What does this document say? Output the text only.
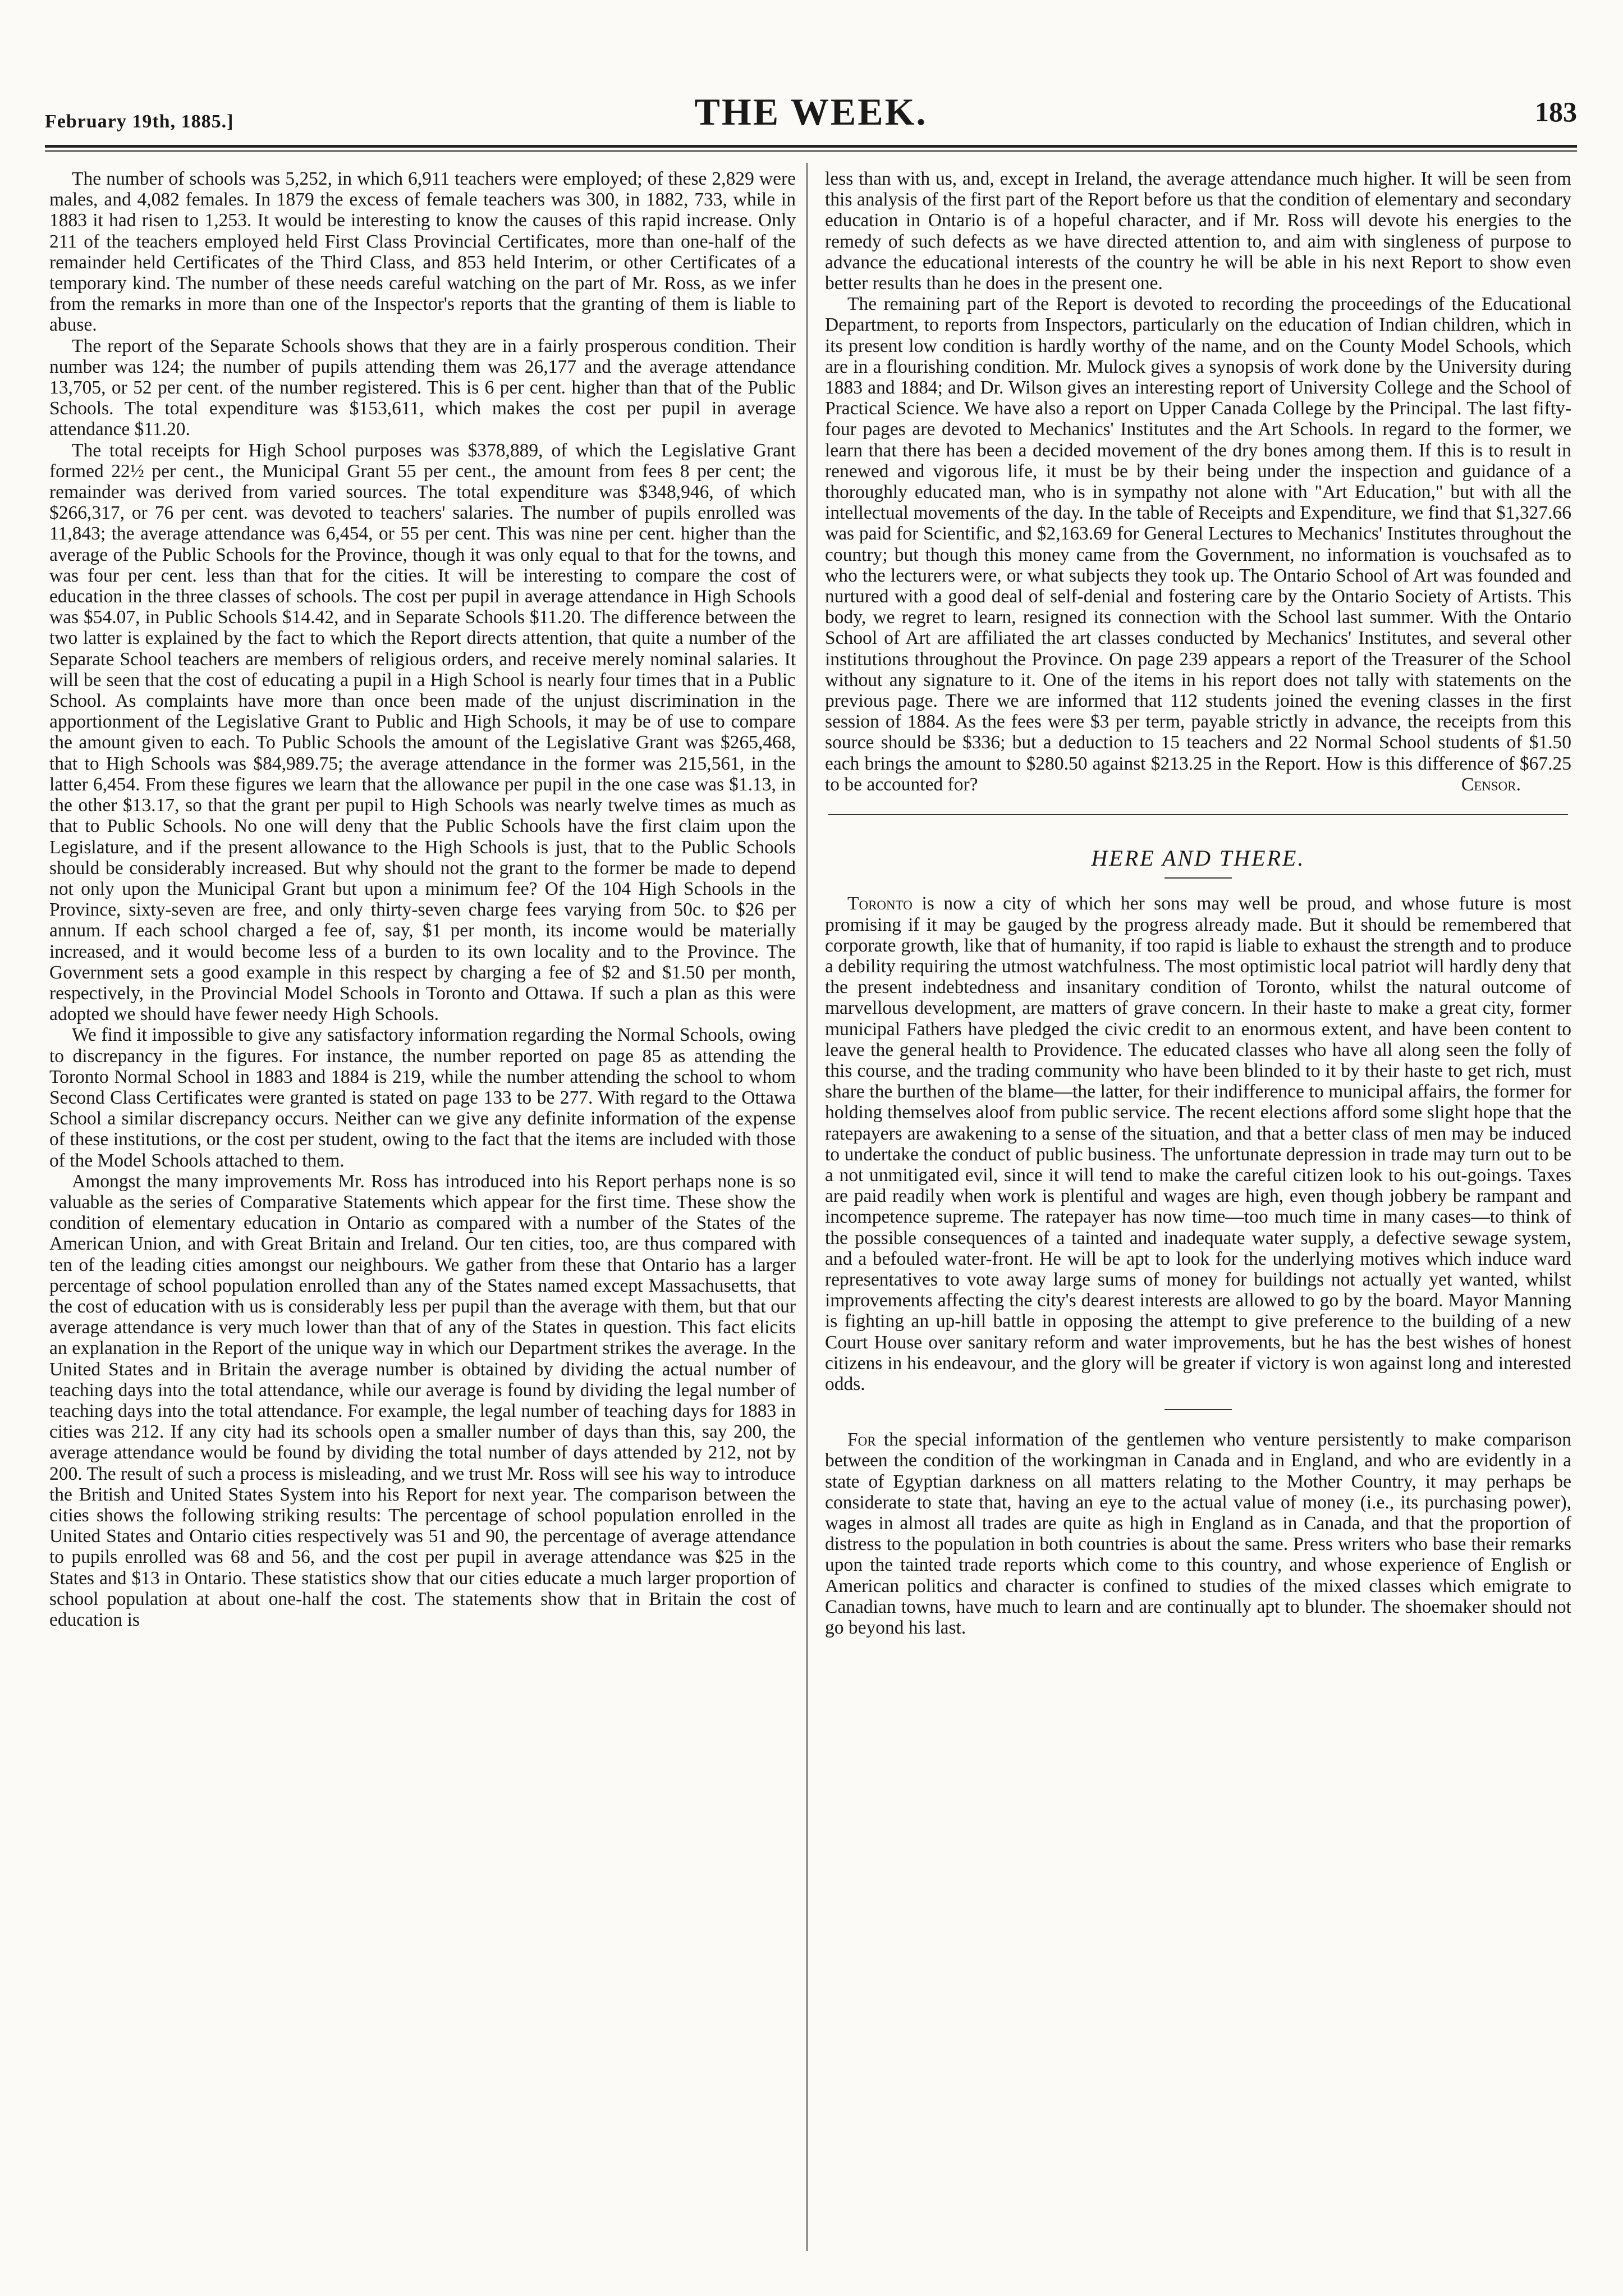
February 19th, 1885.]	THE WEEK.	183

The number of schools was 5,252, in which 6,911 teachers were employed; of these 2,829 were males, and 4,082 females. In 1879 the excess of female teachers was 300, in 1882, 733, while in 1883 it had risen to 1,253. It would be interesting to know the causes of this rapid increase. Only 211 of the teachers employed held First Class Provincial Certificates, more than one-half of the remainder held Certificates of the Third Class, and 853 held Interim, or other Certificates of a temporary kind. The number of these needs careful watching on the part of Mr. Ross, as we infer from the remarks in more than one of the Inspector's reports that the granting of them is liable to abuse.

The report of the Separate Schools shows that they are in a fairly prosperous condition. Their number was 124; the number of pupils attending them was 26,177 and the average attendance 13,705, or 52 per cent. of the number registered. This is 6 per cent. higher than that of the Public Schools. The total expenditure was $153,611, which makes the cost per pupil in average attendance $11.20.

The total receipts for High School purposes was $378,889, of which the Legislative Grant formed 22½ per cent., the Municipal Grant 55 per cent., the amount from fees 8 per cent; the remainder was derived from varied sources. The total expenditure was $348,946, of which $266,317, or 76 per cent. was devoted to teachers' salaries. The number of pupils enrolled was 11,843; the average attendance was 6,454, or 55 per cent. This was nine per cent. higher than the average of the Public Schools for the Province, though it was only equal to that for the towns, and was four per cent. less than that for the cities. It will be interesting to compare the cost of education in the three classes of schools. The cost per pupil in average attendance in High Schools was $54.07, in Public Schools $14.42, and in Separate Schools $11.20. The difference between the two latter is explained by the fact to which the Report directs attention, that quite a number of the Separate School teachers are members of religious orders, and receive merely nominal salaries. It will be seen that the cost of educating a pupil in a High School is nearly four times that in a Public School. As complaints have more than once been made of the unjust discrimination in the apportionment of the Legislative Grant to Public and High Schools, it may be of use to compare the amount given to each. To Public Schools the amount of the Legislative Grant was $265,468, that to High Schools was $84,989.75; the average attendance in the former was 215,561, in the latter 6,454. From these figures we learn that the allowance per pupil in the one case was $1.13, in the other $13.17, so that the grant per pupil to High Schools was nearly twelve times as much as that to Public Schools. No one will deny that the Public Schools have the first claim upon the Legislature, and if the present allowance to the High Schools is just, that to the Public Schools should be considerably increased. But why should not the grant to the former be made to depend not only upon the Municipal Grant but upon a minimum fee? Of the 104 High Schools in the Province, sixty-seven are free, and only thirty-seven charge fees varying from 50c. to $26 per annum. If each school charged a fee of, say, $1 per month, its income would be materially increased, and it would become less of a burden to its own locality and to the Province. The Government sets a good example in this respect by charging a fee of $2 and $1.50 per month, respectively, in the Provincial Model Schools in Toronto and Ottawa. If such a plan as this were adopted we should have fewer needy High Schools.

We find it impossible to give any satisfactory information regarding the Normal Schools, owing to discrepancy in the figures. For instance, the number reported on page 85 as attending the Toronto Normal School in 1883 and 1884 is 219, while the number attending the school to whom Second Class Certificates were granted is stated on page 133 to be 277. With regard to the Ottawa School a similar discrepancy occurs. Neither can we give any definite information of the expense of these institutions, or the cost per student, owing to the fact that the items are included with those of the Model Schools attached to them.

Amongst the many improvements Mr. Ross has introduced into his Report perhaps none is so valuable as the series of Comparative Statements which appear for the first time. These show the condition of elementary education in Ontario as compared with a number of the States of the American Union, and with Great Britain and Ireland. Our ten cities, too, are thus compared with ten of the leading cities amongst our neighbours. We gather from these that Ontario has a larger percentage of school population enrolled than any of the States named except Massachusetts, that the cost of education with us is considerably less per pupil than the average with them, but that our average attendance is very much lower than that of any of the States in question. This fact elicits an explanation in the Report of the unique way in which our Department strikes the average. In the United States and in Britain the average number is obtained by dividing the actual number of teaching days into the total attendance, while our average is found by dividing the legal number of teaching days into the total attendance. For example, the legal number of teaching days for 1883 in cities was 212. If any city had its schools open a smaller number of days than this, say 200, the average attendance would be found by dividing the total number of days attended by 212, not by 200. The result of such a process is misleading, and we trust Mr. Ross will see his way to introduce the British and United States System into his Report for next year. The comparison between the cities shows the following striking results: The percentage of school population enrolled in the United States and Ontario cities respectively was 51 and 90, the percentage of average attendance to pupils enrolled was 68 and 56, and the cost per pupil in average attendance was $25 in the States and $13 in Ontario. These statistics show that our cities educate a much larger proportion of school population at about one-half the cost. The statements show that in Britain the cost of education is

less than with us, and, except in Ireland, the average attendance much higher. It will be seen from this analysis of the first part of the Report before us that the condition of elementary and secondary education in Ontario is of a hopeful character, and if Mr. Ross will devote his energies to the remedy of such defects as we have directed attention to, and aim with singleness of purpose to advance the educational interests of the country he will be able in his next Report to show even better results than he does in the present one.

The remaining part of the Report is devoted to recording the proceedings of the Educational Department, to reports from Inspectors, particularly on the education of Indian children, which in its present low condition is hardly worthy of the name, and on the County Model Schools, which are in a flourishing condition. Mr. Mulock gives a synopsis of work done by the University during 1883 and 1884; and Dr. Wilson gives an interesting report of University College and the School of Practical Science. We have also a report on Upper Canada College by the Principal. The last fifty-four pages are devoted to Mechanics' Institutes and the Art Schools. In regard to the former, we learn that there has been a decided movement of the dry bones among them. If this is to result in renewed and vigorous life, it must be by their being under the inspection and guidance of a thoroughly educated man, who is in sympathy not alone with "Art Education," but with all the intellectual movements of the day. In the table of Receipts and Expenditure, we find that $1,327.66 was paid for Scientific, and $2,163.69 for General Lectures to Mechanics' Institutes throughout the country; but though this money came from the Government, no information is vouchsafed as to who the lecturers were, or what subjects they took up. The Ontario School of Art was founded and nurtured with a good deal of self-denial and fostering care by the Ontario Society of Artists. This body, we regret to learn, resigned its connection with the School last summer. With the Ontario School of Art are affiliated the art classes conducted by Mechanics' Institutes, and several other institutions throughout the Province. On page 239 appears a report of the Treasurer of the School without any signature to it. One of the items in his report does not tally with statements on the previous page. There we are informed that 112 students joined the evening classes in the first session of 1884. As the fees were $3 per term, payable strictly in advance, the receipts from this source should be $336; but a deduction to 15 teachers and 22 Normal School students of $1.50 each brings the amount to $280.50 against $213.25 in the Report. How is this difference of $67.25 to be accounted for?	Censor.

HERE AND THERE.

Toronto is now a city of which her sons may well be proud, and whose future is most promising if it may be gauged by the progress already made. But it should be remembered that corporate growth, like that of humanity, if too rapid is liable to exhaust the strength and to produce a debility requiring the utmost watchfulness. The most optimistic local patriot will hardly deny that the present indebtedness and insanitary condition of Toronto, whilst the natural outcome of marvellous development, are matters of grave concern. In their haste to make a great city, former municipal Fathers have pledged the civic credit to an enormous extent, and have been content to leave the general health to Providence. The educated classes who have all along seen the folly of this course, and the trading community who have been blinded to it by their haste to get rich, must share the burthen of the blame—the latter, for their indifference to municipal affairs, the former for holding themselves aloof from public service. The recent elections afford some slight hope that the ratepayers are awakening to a sense of the situation, and that a better class of men may be induced to undertake the conduct of public business. The unfortunate depression in trade may turn out to be a not unmitigated evil, since it will tend to make the careful citizen look to his out-goings. Taxes are paid readily when work is plentiful and wages are high, even though jobbery be rampant and incompetence supreme. The ratepayer has now time—too much time in many cases—to think of the possible consequences of a tainted and inadequate water supply, a defective sewage system, and a befouled water-front. He will be apt to look for the underlying motives which induce ward representatives to vote away large sums of money for buildings not actually yet wanted, whilst improvements affecting the city's dearest interests are allowed to go by the board. Mayor Manning is fighting an up-hill battle in opposing the attempt to give preference to the building of a new Court House over sanitary reform and water improvements, but he has the best wishes of honest citizens in his endeavour, and the glory will be greater if victory is won against long and interested odds.

For the special information of the gentlemen who venture persistently to make comparison between the condition of the workingman in Canada and in England, and who are evidently in a state of Egyptian darkness on all matters relating to the Mother Country, it may perhaps be considerate to state that, having an eye to the actual value of money (i.e., its purchasing power), wages in almost all trades are quite as high in England as in Canada, and that the proportion of distress to the population in both countries is about the same. Press writers who base their remarks upon the tainted trade reports which come to this country, and whose experience of English or American politics and character is confined to studies of the mixed classes which emigrate to Canadian towns, have much to learn and are continually apt to blunder. The shoemaker should not go beyond his last.
